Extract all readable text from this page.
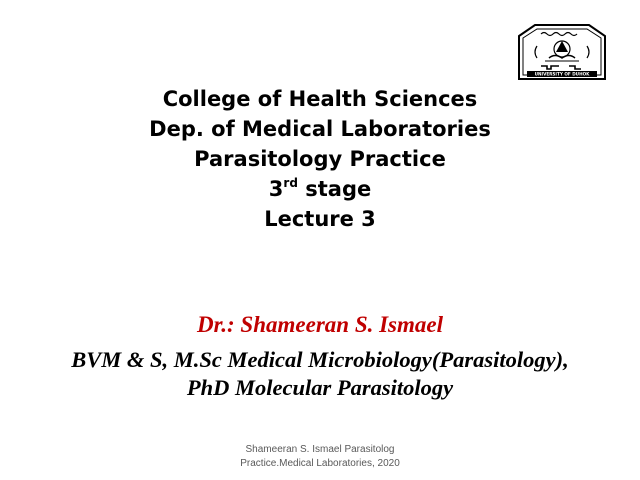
UNIVERSITY OF DUHOK
College of Health Sciences
Dep. of Medical Laboratories
Parasitology Practice
3rd stage
Lecture 3
Dr.: Shameeran S. Ismael
BVM & S, M.Sc Medical Microbiology(Parasitology),
PhD Molecular Parasitology
Shameeran S. Ismael Parasitolog
Practice.Medical Laboratories, 2020
